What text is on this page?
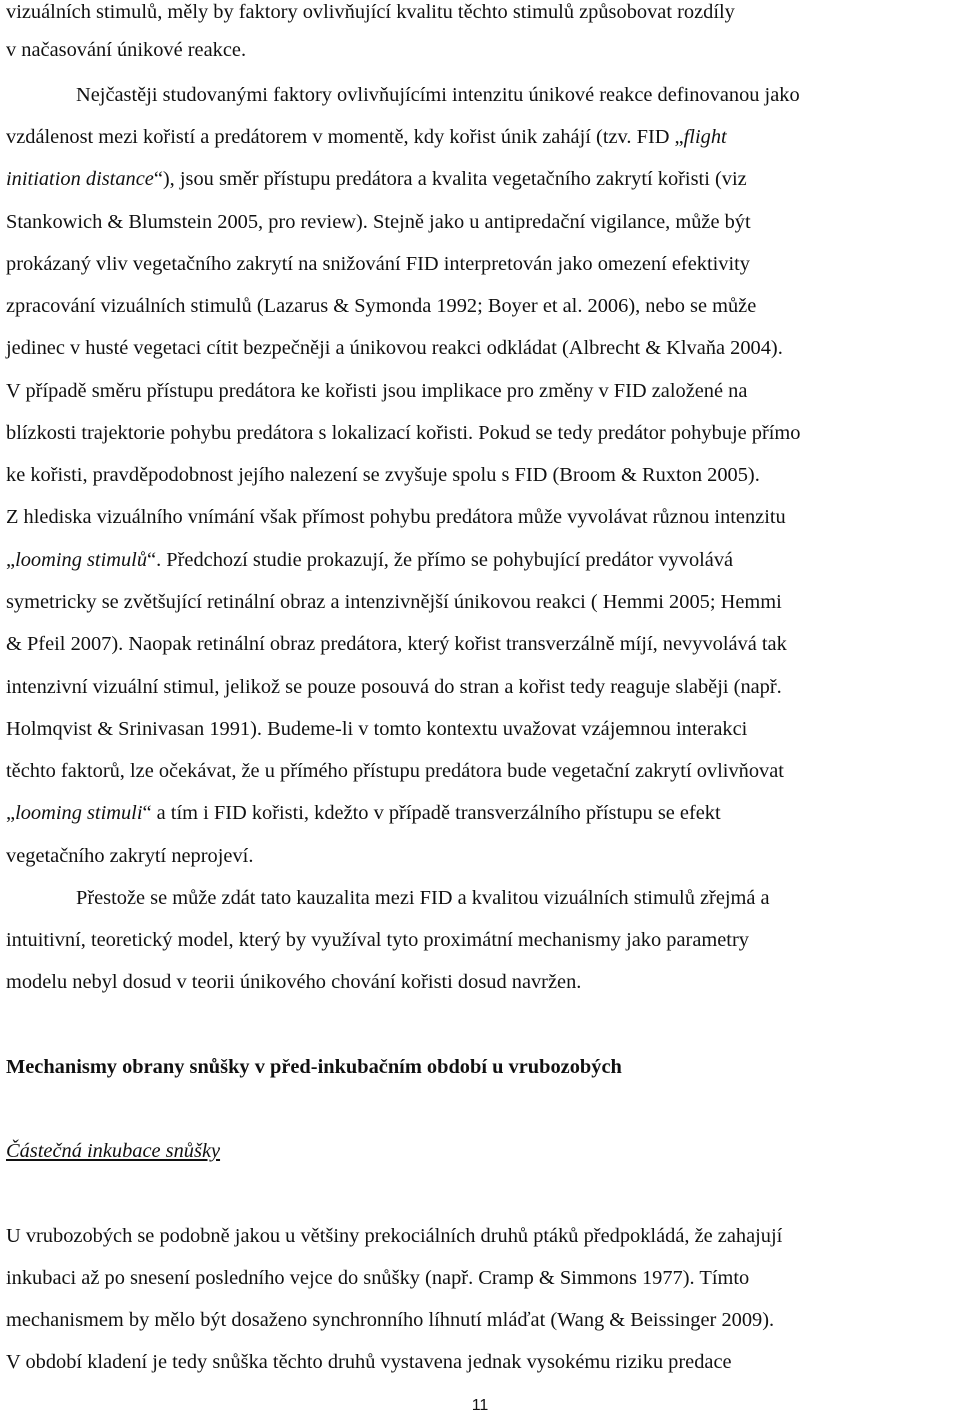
vizuálních stimulů, měly by faktory ovlivňující kvalitu těchto stimulů způsobovat rozdíly
v načasování únikové reakce.
Nejčastěji studovanými faktory ovlivňujícími intenzitu únikové reakce definovanou jako
vzdálenost mezi kořistí a predátorem v momentě, kdy kořist únik zahájí (tzv. FID „flight
initiation distance“), jsou směr přístupu predátora a kvalita vegetačního zakrytí kořisti (viz
Stankowich & Blumstein 2005, pro review). Stejně jako u antipredační vigilance, může být
prokázaný vliv vegetačního zakrytí na snižování FID interpretován jako omezení efektivity
zpracování vizuálních stimulů (Lazarus & Symonda 1992; Boyer et al. 2006), nebo se může
jedinec v husté vegetaci cítit bezpečněji a únikovou reakci odkládat (Albrecht & Klvaňa 2004).
V případě směru přístupu predátora ke kořisti jsou implikace pro změny v FID založené na
blízkosti trajektorie pohybu predátora s lokalizací kořisti. Pokud se tedy predátor pohybuje přímo
ke kořisti, pravděpodobnost jejího nalezení se zvyšuje spolu s FID (Broom & Ruxton 2005).
Z hlediska vizuálního vnímání však přímost pohybu predátora může vyvolávat různou intenzitu
„looming stimulů“. Předchozí studie prokazují, že přímo se pohybující predátor vyvolává
symetricky se zvětšující retinální obraz a intenzivnější únikovou reakci ( Hemmi 2005; Hemmi
& Pfeil 2007). Naopak retinální obraz predátora, který kořist transverzálně míjí, nevyvolává tak
intenzivní vizuální stimul, jelikož se pouze posouvá do stran a kořist tedy reaguje slaběji (např.
Holmqvist & Srinivasan 1991). Budeme-li v tomto kontextu uvažovat vzájemnou interakci
těchto faktorů, lze očekávat, že u přímého přístupu predátora bude vegetační zakrytí ovlivňovat
„looming stimuli“ a tím i FID kořisti, kdežto v případě transverzálního přístupu se efekt
vegetačního zakrytí neprojeví.
Přestože se může zdát tato kauzalita mezi FID a kvalitou vizuálních stimulů zřejmá a
intuitivní, teoretický model, který by využíval tyto proximátní mechanismy jako parametry
modelu nebyl dosud v teorii únikového chování kořisti dosud navržen.
Mechanismy obrany snůšky v před-inkubačním období u vrubozobých
Částečná inkubace snůšky
U vrubozobých se podobně jakou u většiny prekociálních druhů ptáků předpokládá, že zahajují
inkubaci až po snesení posledního vejce do snůšky (např. Cramp & Simmons 1977). Tímto
mechanismem by mělo být dosaženo synchronního líhnutí mláďat (Wang & Beissinger 2009).
V období kladení je tedy snůška těchto druhů vystavena jednak vysokému riziku predace
11
